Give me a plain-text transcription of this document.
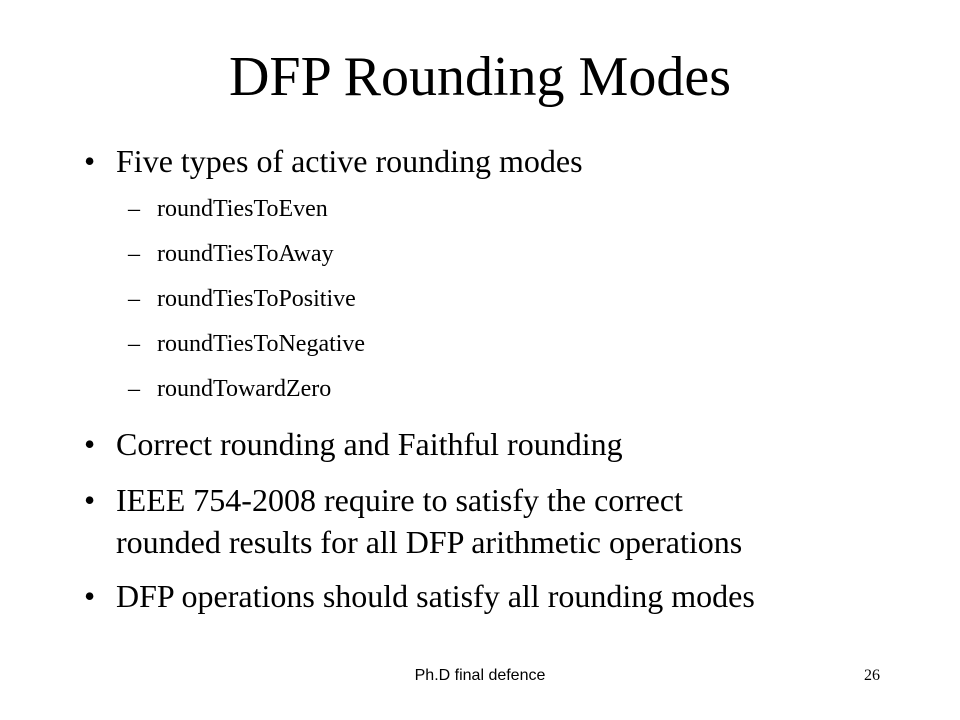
DFP Rounding Modes
• Five types of active rounding modes
– roundTiesToEven
– roundTiesToAway
– roundTiesToPositive
– roundTiesToNegative
– roundTowardZero
• Correct rounding and Faithful rounding
• IEEE 754-2008 require to satisfy the correct
rounded results for all DFP arithmetic operations
• DFP operations should satisfy all rounding modes
Ph.D final defence	26
